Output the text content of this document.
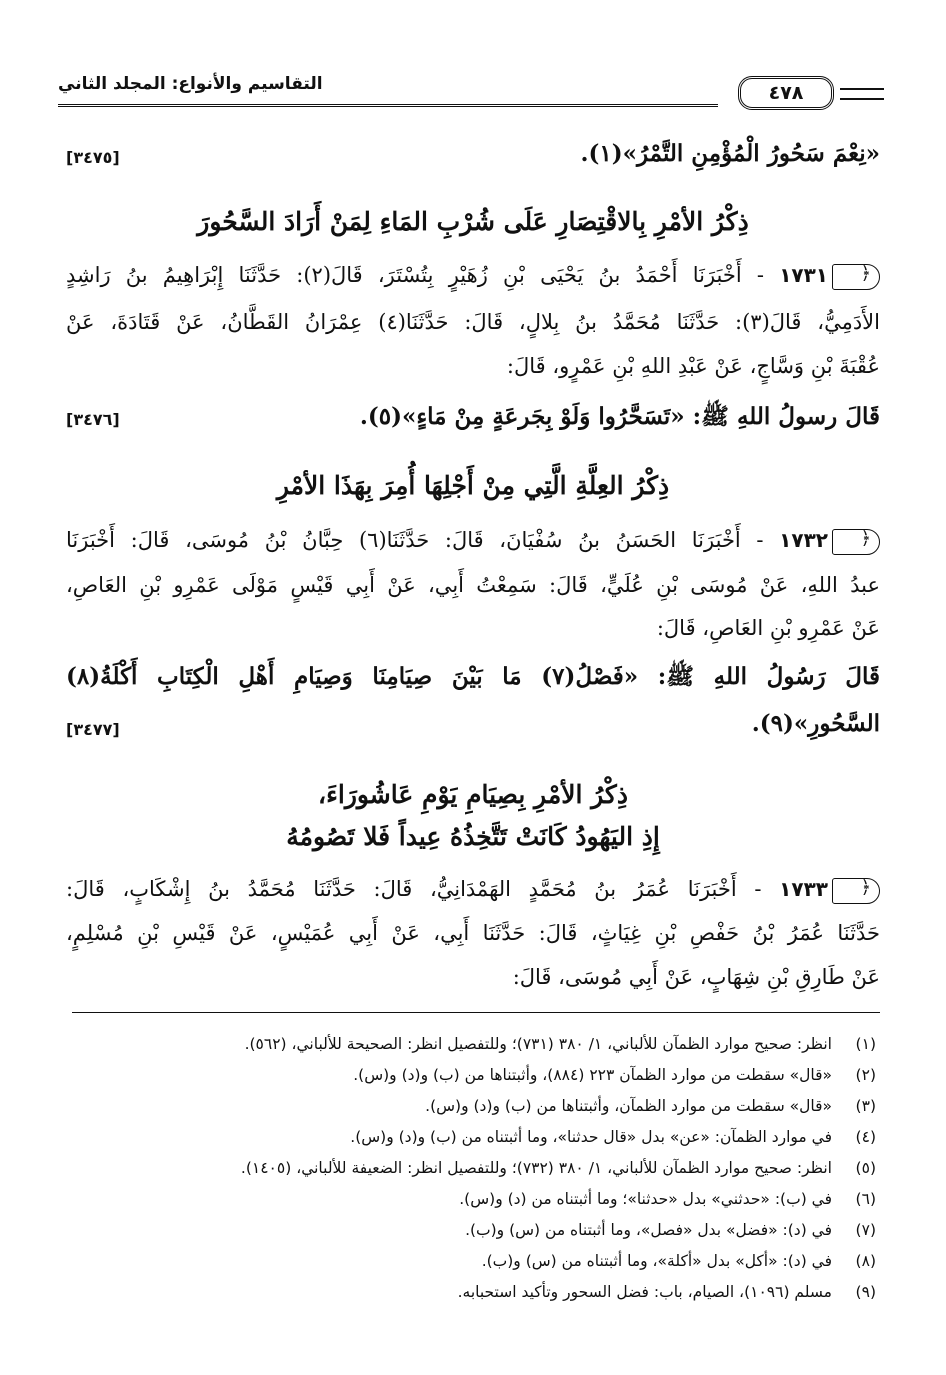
٤٧٨
التقاسيم والأنواع: المجلد الثاني
«نِعْمَ سَحُورُ الْمُؤْمِنِ التَّمْرُ»(١).
[٣٤٧٥]
ذِكْرُ الأمْرِ بِالاقْتِصَارِ عَلَى شُرْبِ المَاءِ لِمَنْ أَرَادَ السَّحُورَ
﴿١٧٣١ - أَخْبَرَنَا أَحْمَدُ بنُ يَحْيَى بْنِ زُهَيْرٍ بِتُسْتَرَ، قَالَ(٢): حَدَّثَنَا إِبْرَاهِيمُ بنُ رَاشِدٍ
الأَدَمِيُّ، قَالَ(٣): حَدَّثَنَا مُحَمَّدُ بنُ بِلالٍ، قَالَ: حَدَّثَنَا(٤) عِمْرَانُ القَطَّانُ، عَنْ قَتَادَةَ، عَنْ
عُقْبَةَ بْنِ وَسَّاجٍ، عَنْ عَبْدِ اللهِ بْنِ عَمْرٍو، قَالَ:
قَالَ رسولُ اللهِ ﷺ: «تَسَحَّرُوا وَلَوْ بِجَرعَةٍ مِنْ مَاءٍ»(٥).
[٣٤٧٦]
ذِكْرُ العِلَّةِ الَّتِي مِنْ أَجْلِهَا أُمِرَ بِهَذَا الأمْرِ
﴿١٧٣٢ - أَخْبَرَنَا الحَسَنُ بنُ سُفْيَانَ، قَالَ: حَدَّثَنَا(٦) حِبَّانُ بْنُ مُوسَى، قَالَ: أَخْبَرَنَا
عبدُ اللهِ، عَنْ مُوسَى بْنِ عُلَيٍّ، قَالَ: سَمِعْتُ أَبِي، عَنْ أَبِي قَيْسٍ مَوْلَى عَمْرِو بْنِ العَاصِ،
عَنْ عَمْرِو بْنِ العَاصِ، قَالَ:
قَالَ رَسُولُ اللهِ ﷺ: «فَصْلُ(٧) مَا بَيْنَ صِيَامِنَا وَصِيَامِ أَهْلِ الْكِتَابِ أَكْلَةُ(٨)
السَّحُورِ»(٩).
[٣٤٧٧]
ذِكْرُ الأمْرِ بِصِيَامِ يَوْمِ عَاشُورَاءَ،
إِذِ اليَهُودُ كَانَتْ تَتَّخِذُهُ عِيداً فَلا تَصُومُهُ
﴿١٧٣٣ - أَخْبَرَنَا عُمَرُ بنُ مُحَمَّدٍ الهَمْدَانِيُّ، قَالَ: حَدَّثَنَا مُحَمَّدُ بنُ إِشْكَابٍ، قَالَ:
حَدَّثَنَا عُمَرُ بْنُ حَفْصِ بْنِ غِيَاثٍ، قَالَ: حَدَّثَنَا أَبِي، عَنْ أَبِي عُمَيْسٍ، عَنْ قَيْسِ بْنِ مُسْلِمٍ،
عَنْ طَارِقِ بْنِ شِهَابٍ، عَنْ أَبِي مُوسَى، قَالَ:
(١)انظر: صحيح موارد الظمآن للألباني، ١/ ٣٨٠ (٧٣١)؛ وللتفصيل انظر: الصحيحة للألباني، (٥٦٢).
(٢)«قال» سقطت من موارد الظمآن ٢٢٣ (٨٨٤)، وأثبتناها من (ب) و(د) و(س).
(٣)«قال» سقطت من موارد الظمآن، وأثبتناها من (ب) و(د) و(س).
(٤)في موارد الظمآن: «عن» بدل «قال حدثنا»، وما أثبتناه من (ب) و(د) و(س).
(٥)انظر: صحيح موارد الظمآن للألباني، ١/ ٣٨٠ (٧٣٢)؛ وللتفصيل انظر: الضعيفة للألباني، (١٤٠٥).
(٦)في (ب): «حدثني» بدل «حدثنا»؛ وما أثبتناه من (د) و(س).
(٧)في (د): «فضل» بدل «فصل»، وما أثبتناه من (س) و(ب).
(٨)في (د): «أكل» بدل «أكلة»، وما أثبتناه من (س) و(ب).
(٩)مسلم (١٠٩٦)، الصيام، باب: فضل السحور وتأكيد استحبابه.
